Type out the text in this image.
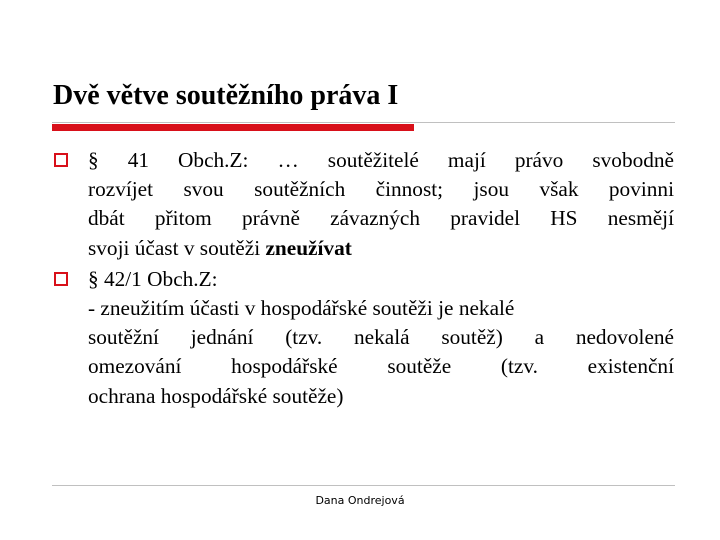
Dvě větve soutěžního práva I
§ 41 Obch.Z: … soutěžitelé mají právo svobodně
rozvíjet svou soutěžních činnost; jsou však povinni
dbát přitom právně závazných pravidel HS nesmějí
svoji účast v soutěži zneužívat
§ 42/1 Obch.Z:
- zneužitím účasti v hospodářské soutěži je nekalé
soutěžní jednání (tzv. nekalá soutěž) a nedovolené
omezování hospodářské soutěže (tzv. existenční
ochrana hospodářské soutěže)
Dana Ondrejová
